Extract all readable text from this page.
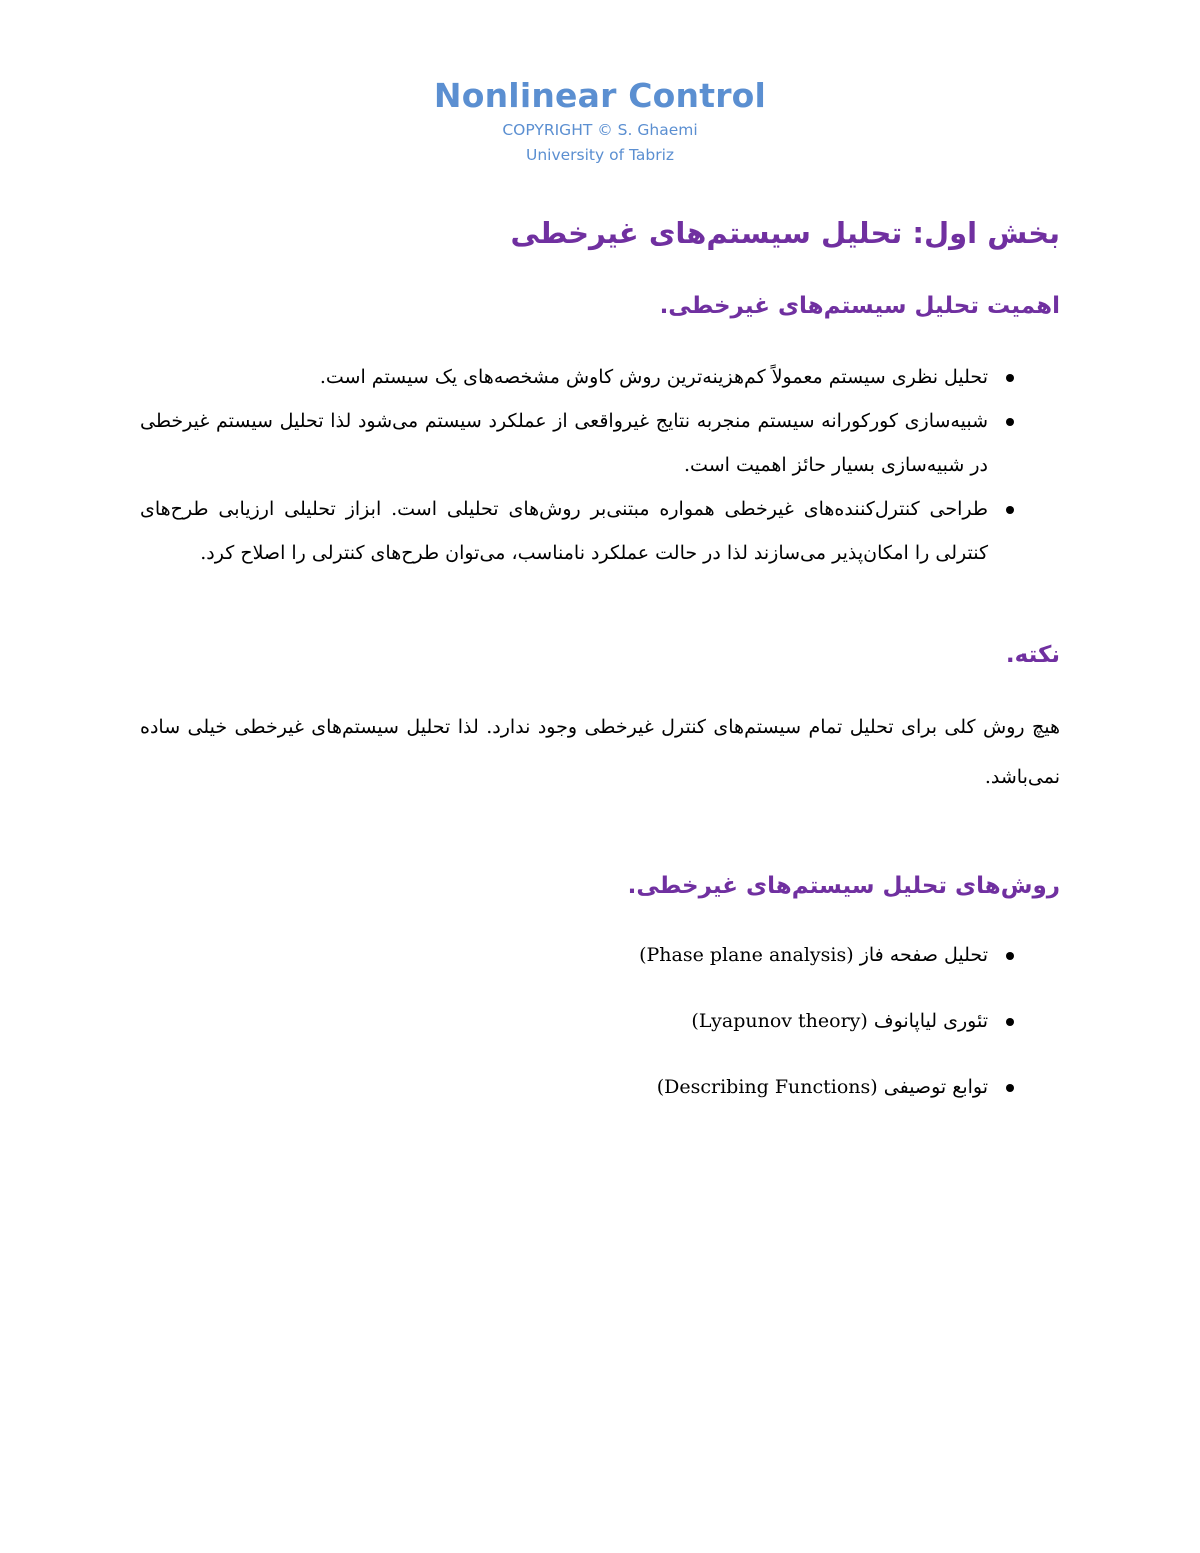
Nonlinear Control

COPYRIGHT © S. Ghaemi

University of Tabriz

بخش اول: تحلیل سیستم‌های غیرخطی
اهمیت تحلیل سیستم‌های غیرخطی.
تحلیل نظری سیستم معمولاً کم‌هزینه‌ترین روش کاوش مشخصه‌های یک سیستم است.
شبیه‌سازی کورکورانه سیستم منجربه نتایج غیرواقعی از عملکرد سیستم می‌شود لذا تحلیل سیستم غیرخطی در شبیه‌سازی بسیار حائز اهمیت است.
طراحی کنترل‌کننده‌های غیرخطی همواره مبتنی‌بر روش‌های تحلیلی است. ابزاز تحلیلی ارزیابی طرح‌های کنترلی را امکان‌پذیر می‌سازند لذا در حالت عملکرد نامناسب، می‌توان طرح‌های کنترلی را اصلاح کرد.
نکته.

هیچ روش کلی برای تحلیل تمام سیستم‌های کنترل غیرخطی وجود ندارد. لذا تحلیل سیستم‌های غیرخطی خیلی ساده نمی‌باشد.

روش‌های تحلیل سیستم‌های غیرخطی.
تحلیل صفحه فاز (Phase plane analysis)
تئوری لیاپانوف (Lyapunov theory)
توابع توصیفی (Describing Functions)
